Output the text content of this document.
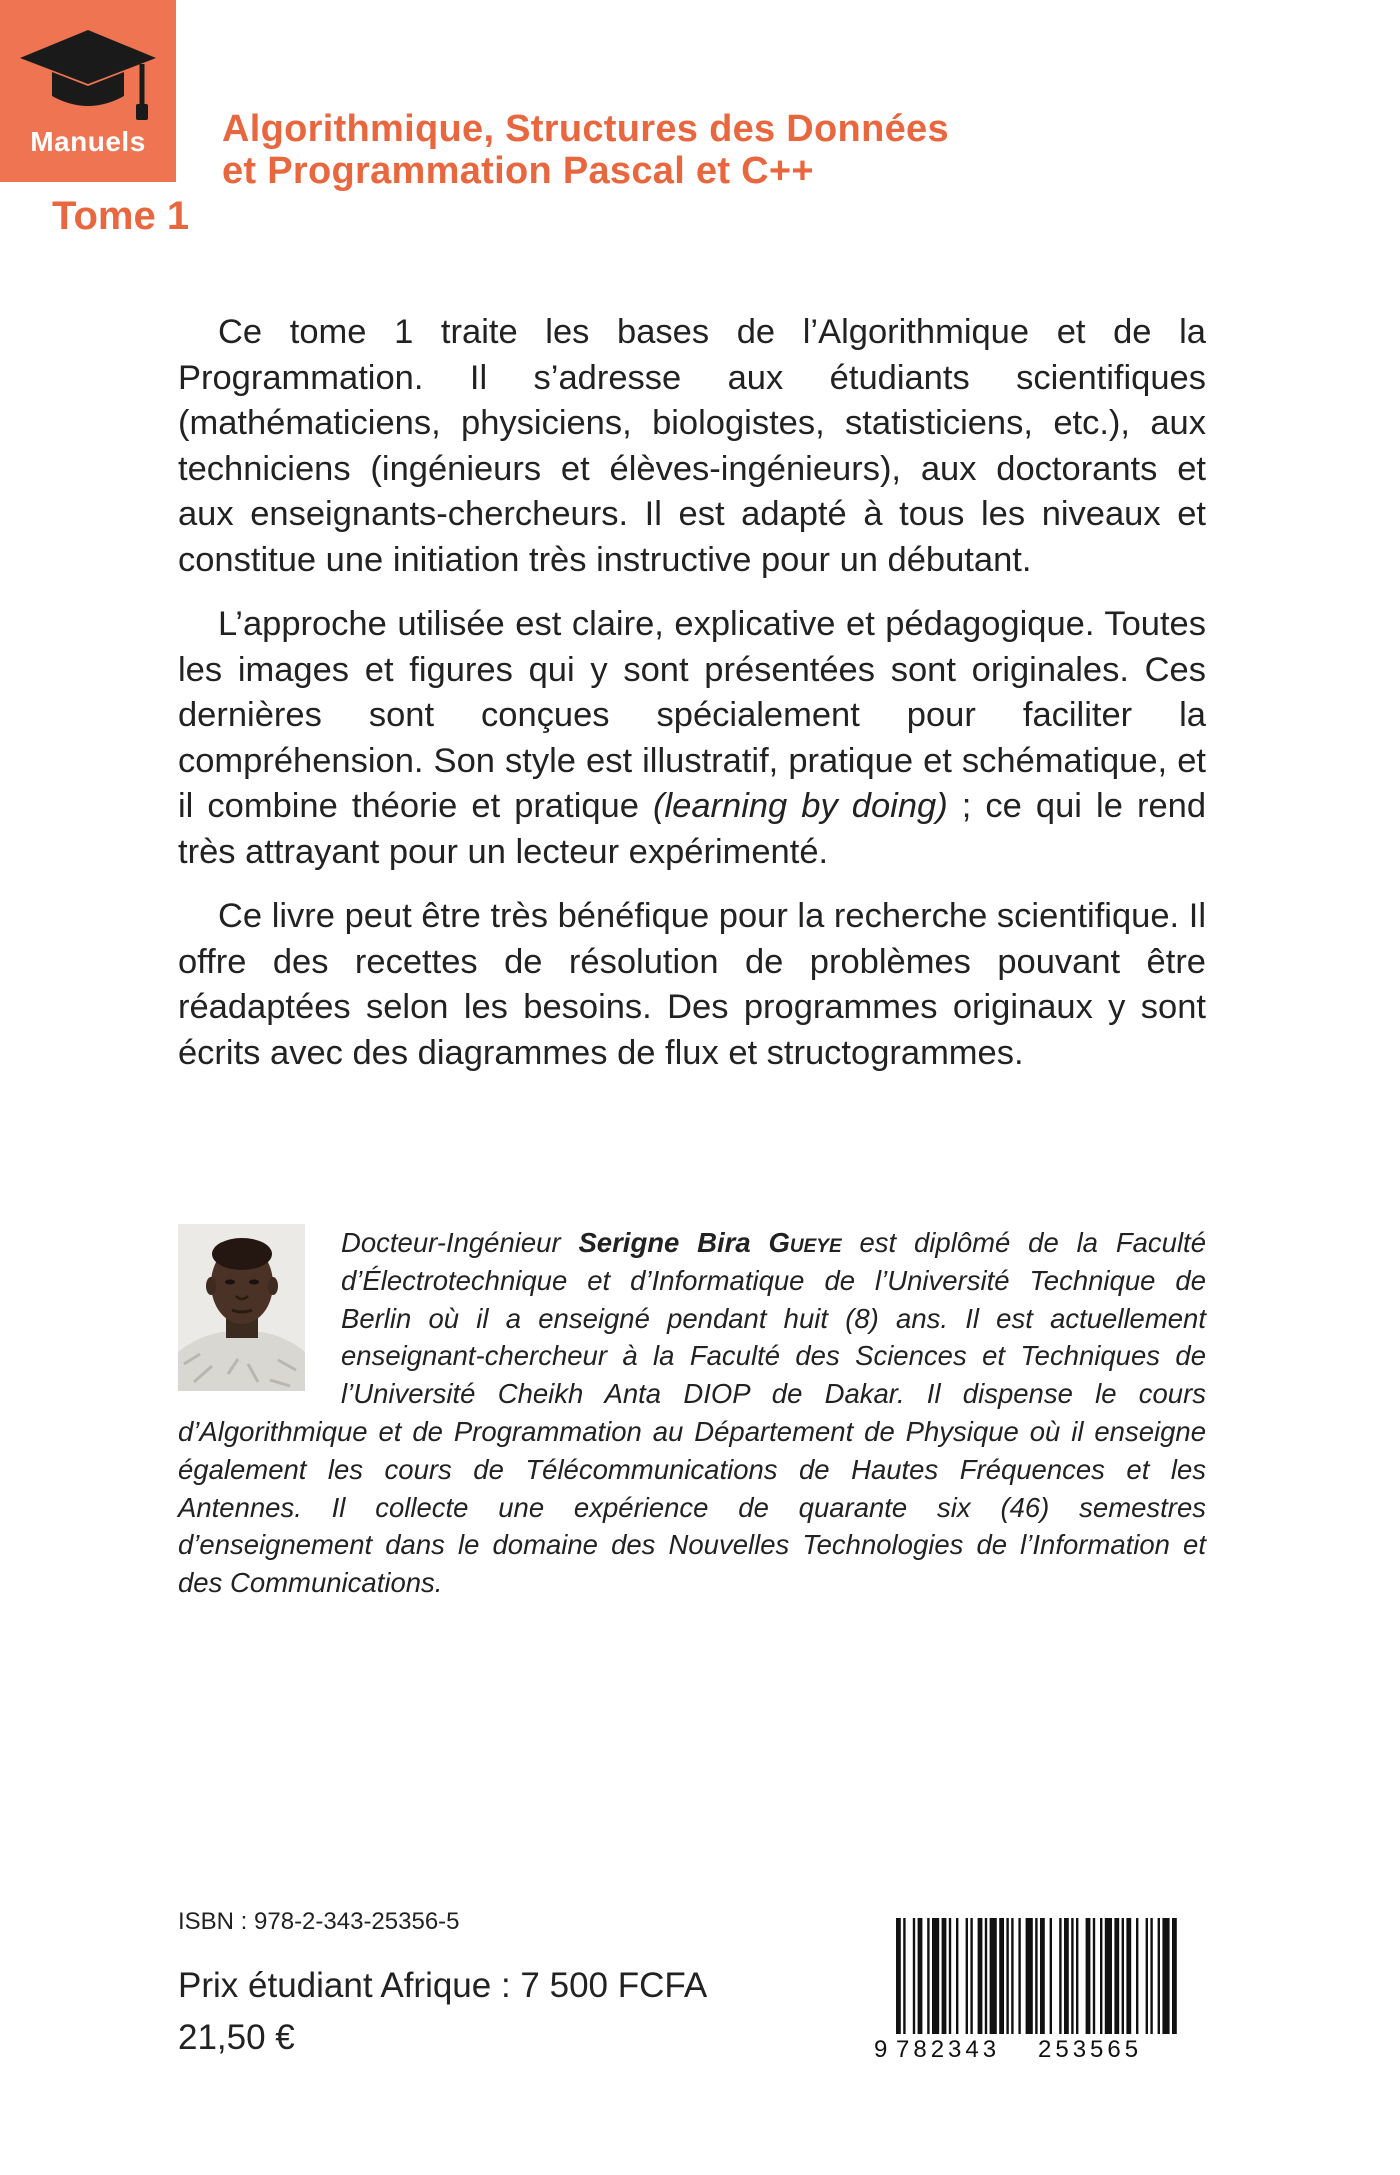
Manuels
Tome 1
Algorithmique, Structures des Données
et Programmation Pascal et C++

Ce tome 1 traite les bases de l’Algorithmique et de la Programmation. Il s’adresse aux étudiants scientifiques (mathématiciens, physiciens, biologistes, statisticiens, etc.), aux techniciens (ingénieurs et élèves-ingénieurs), aux doctorants et aux enseignants-chercheurs. Il est adapté à tous les niveaux et constitue une initiation très instructive pour un débutant.

L’approche utilisée est claire, explicative et pédagogique. Toutes les images et figures qui y sont présentées sont originales. Ces dernières sont conçues spécialement pour faciliter la compréhension. Son style est illustratif, pratique et schématique, et il combine théorie et pratique (learning by doing) ; ce qui le rend très attrayant pour un lecteur expérimenté.

Ce livre peut être très bénéfique pour la recherche scientifique. Il offre des recettes de résolution de problèmes pouvant être réadaptées selon les besoins. Des programmes originaux y sont écrits avec des diagrammes de flux et structogrammes.

Docteur-Ingénieur Serigne Bira Gueye est diplômé de la Faculté d’Électrotechnique et d’Informatique de l’Université Technique de Berlin où il a enseigné pendant huit (8) ans. Il est actuellement enseignant-chercheur à la Faculté des Sciences et Techniques de l’Université Cheikh Anta DIOP de Dakar. Il dispense le cours d’Algorithmique et de Programmation au Département de Physique où il enseigne également les cours de Télécommunications de Hautes Fréquences et les Antennes. Il collecte une expérience de quarante six (46) semestres d’enseignement dans le domaine des Nouvelles Technologies de l’Information et des Communications.

ISBN : 978-2-343-25356-5
Prix étudiant Afrique : 7 500 FCFA
21,50 €	9 782343 253565
